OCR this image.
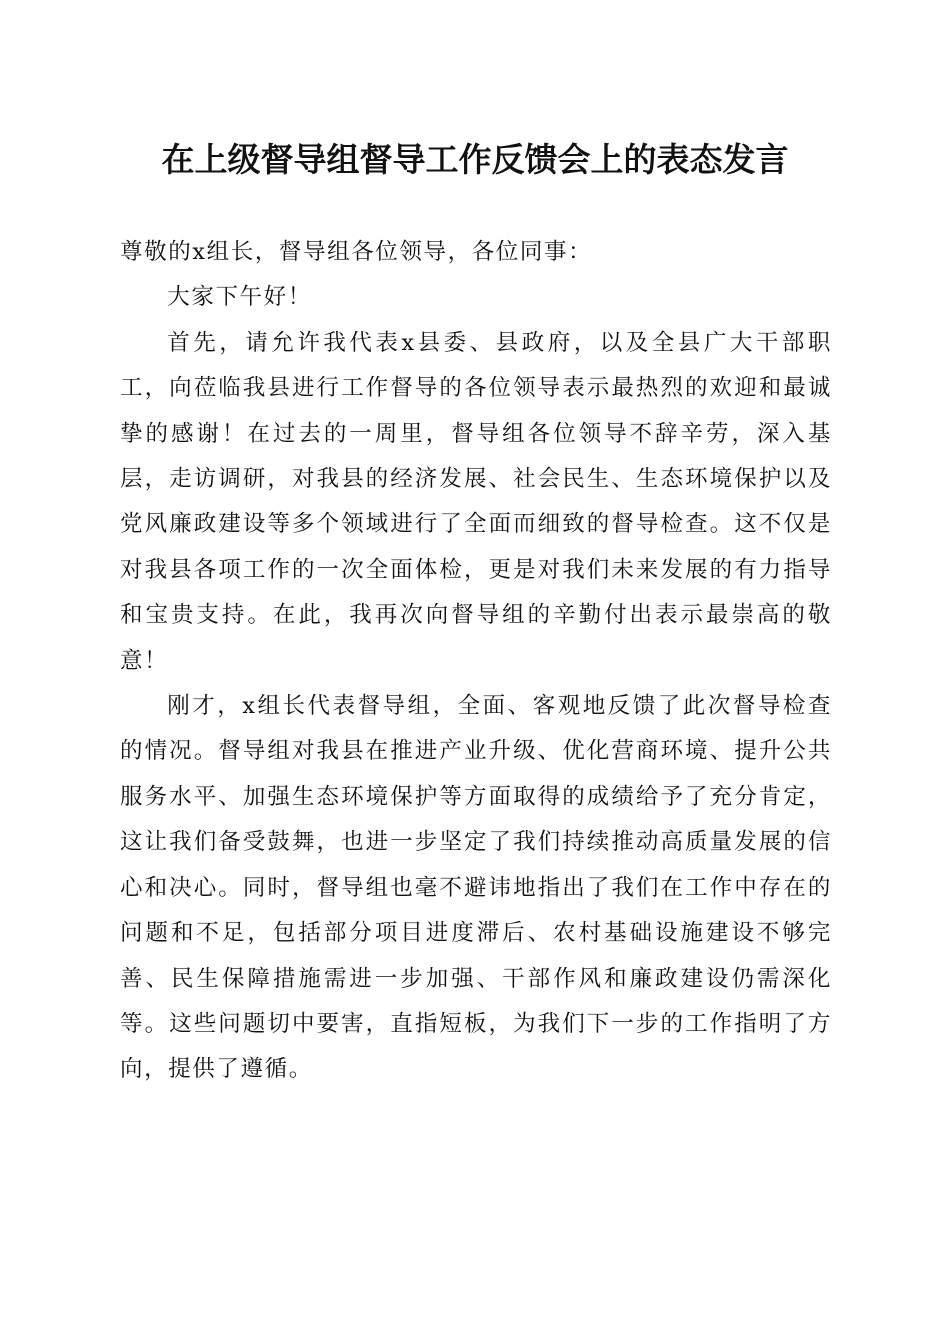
在上级督导组督导工作反馈会上的表态发言

尊敬的x组长，督导组各位领导，各位同事：

大家下午好！

首先，请允许我代表x县委、县政府，以及全县广大干部职工，向莅临我县进行工作督导的各位领导表示最热烈的欢迎和最诚挚的感谢！在过去的一周里，督导组各位领导不辞辛劳，深入基层，走访调研，对我县的经济发展、社会民生、生态环境保护以及党风廉政建设等多个领域进行了全面而细致的督导检查。这不仅是对我县各项工作的一次全面体检，更是对我们未来发展的有力指导和宝贵支持。在此，我再次向督导组的辛勤付出表示最崇高的敬意！

刚才，x组长代表督导组，全面、客观地反馈了此次督导检查的情况。督导组对我县在推进产业升级、优化营商环境、提升公共服务水平、加强生态环境保护等方面取得的成绩给予了充分肯定，这让我们备受鼓舞，也进一步坚定了我们持续推动高质量发展的信心和决心。同时，督导组也毫不避讳地指出了我们在工作中存在的问题和不足，包括部分项目进度滞后、农村基础设施建设不够完善、民生保障措施需进一步加强、干部作风和廉政建设仍需深化等。这些问题切中要害，直指短板，为我们下一步的工作指明了方向，提供了遵循。
